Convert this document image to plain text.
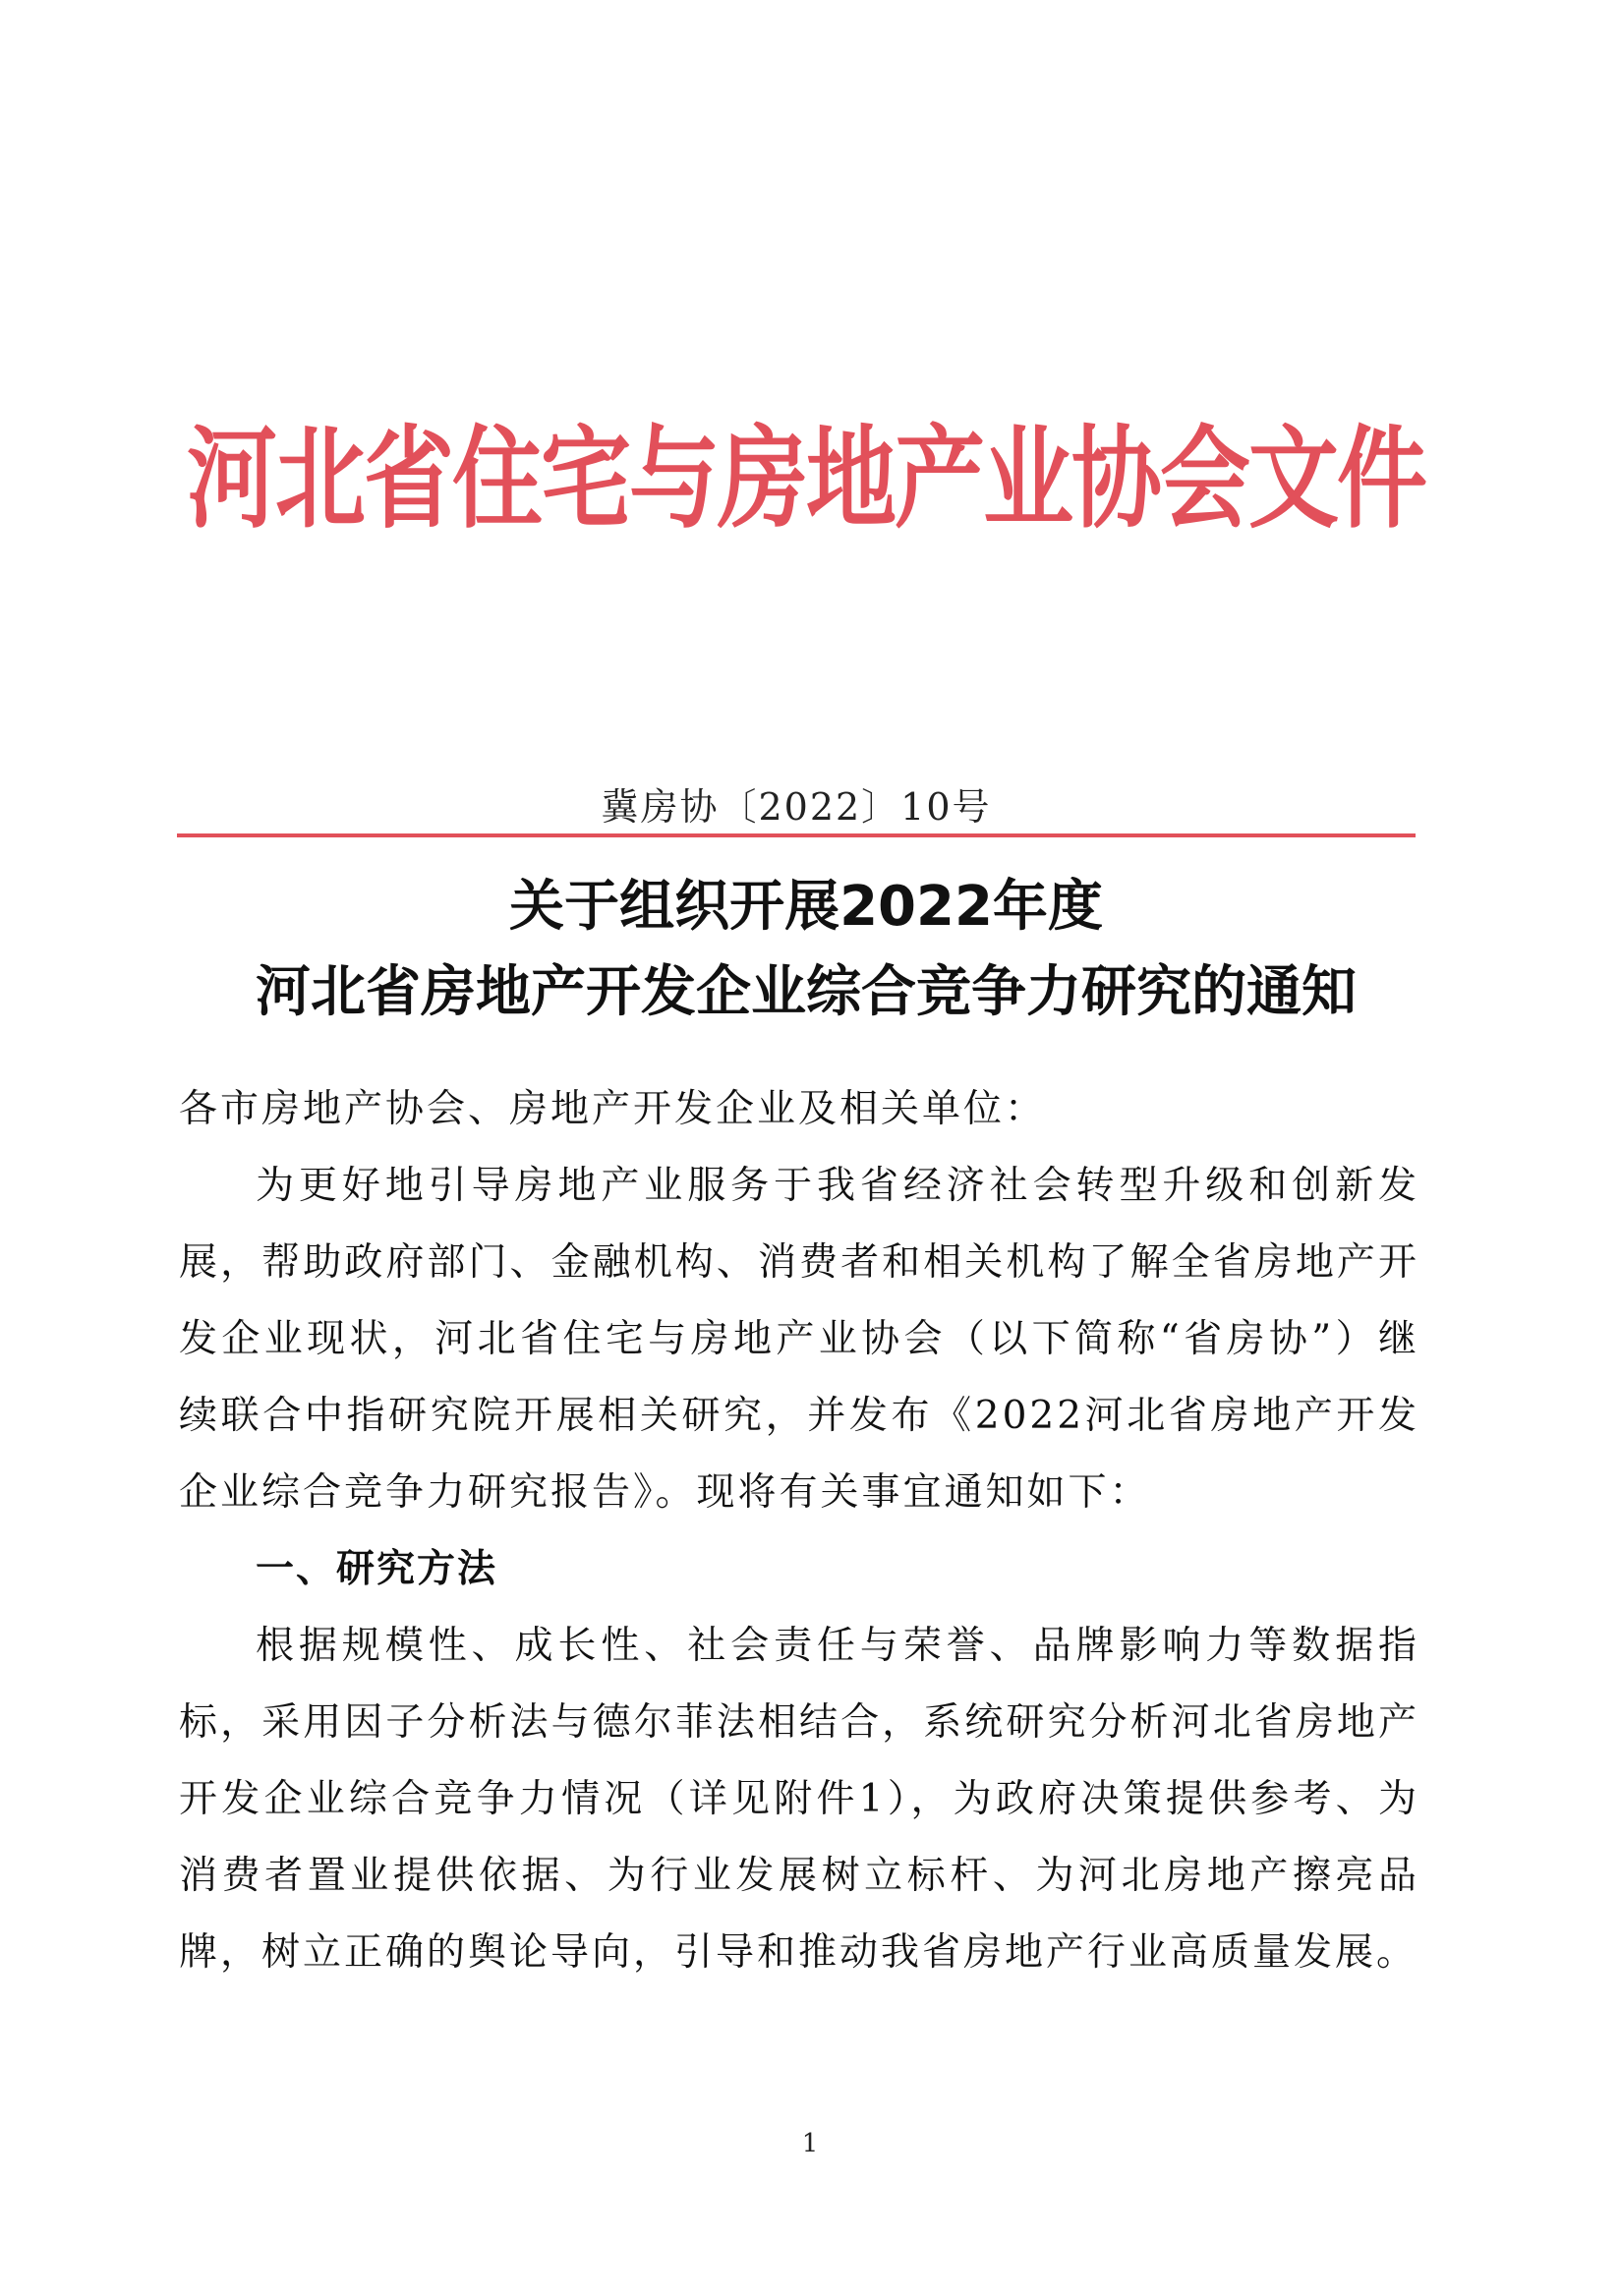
河北省住宅与房地产业协会文件
冀房协〔2022〕10号
关于组织开展2022年度
河北省房地产开发企业综合竞争力研究的通知

各市房地产协会、房地产开发企业及相关单位：

为更好地引导房地产业服务于我省经济社会转型升级和创新发展，帮助政府部门、金融机构、消费者和相关机构了解全省房地产开发企业现状，河北省住宅与房地产业协会（以下简称“省房协”）继续联合中指研究院开展相关研究，并发布《2022河北省房地产开发企业综合竞争力研究报告》。现将有关事宜通知如下：

一、研究方法

根据规模性、成长性、社会责任与荣誉、品牌影响力等数据指标，采用因子分析法与德尔菲法相结合，系统研究分析河北省房地产开发企业综合竞争力情况（详见附件1），为政府决策提供参考、为消费者置业提供依据、为行业发展树立标杆、为河北房地产擦亮品牌，树立正确的舆论导向，引导和推动我省房地产行业高质量发展。

1
